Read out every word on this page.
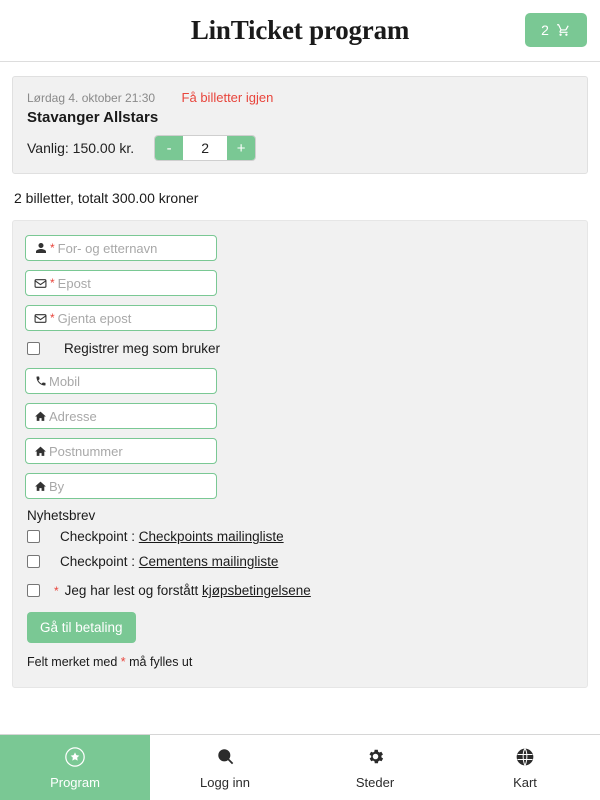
LinTicket program	2
Lørdag 4. oktober 21:30 Få billetter igjen
Stavanger Allstars
Vanlig: 150.00 kr.	-
2	+
2 billetter, totalt 300.00 kroner
* For- og etternavn
* Epost
* Gjenta epost
Registrer meg som bruker
Mobil
Adresse
Postnummer
By
Nyhetsbrev
Checkpoint : Checkpoints mailingliste
Checkpoint : Cementens mailingliste
* Jeg har lest og forstått kjøpsbetingelsene
Gå til betaling
Felt merket med * må fylles ut
Program	Logg inn	Steder	Kart
